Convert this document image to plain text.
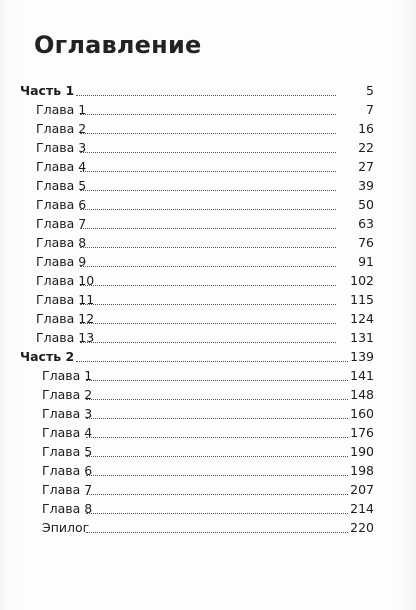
Оглавление
Часть 1	5
Глава 1	7
Глава 2	16
Глава 3	22
Глава 4	27
Глава 5	39
Глава 6	50
Глава 7	63
Глава 8	76
Глава 9	91
Глава 10	102
Глава 11	115
Глава 12	124
Глава 13	131
Часть 2	139
Глава 1	141
Глава 2	148
Глава 3	160
Глава 4	176
Глава 5	190
Глава 6	198
Глава 7	207
Глава 8	214
Эпилог	220
